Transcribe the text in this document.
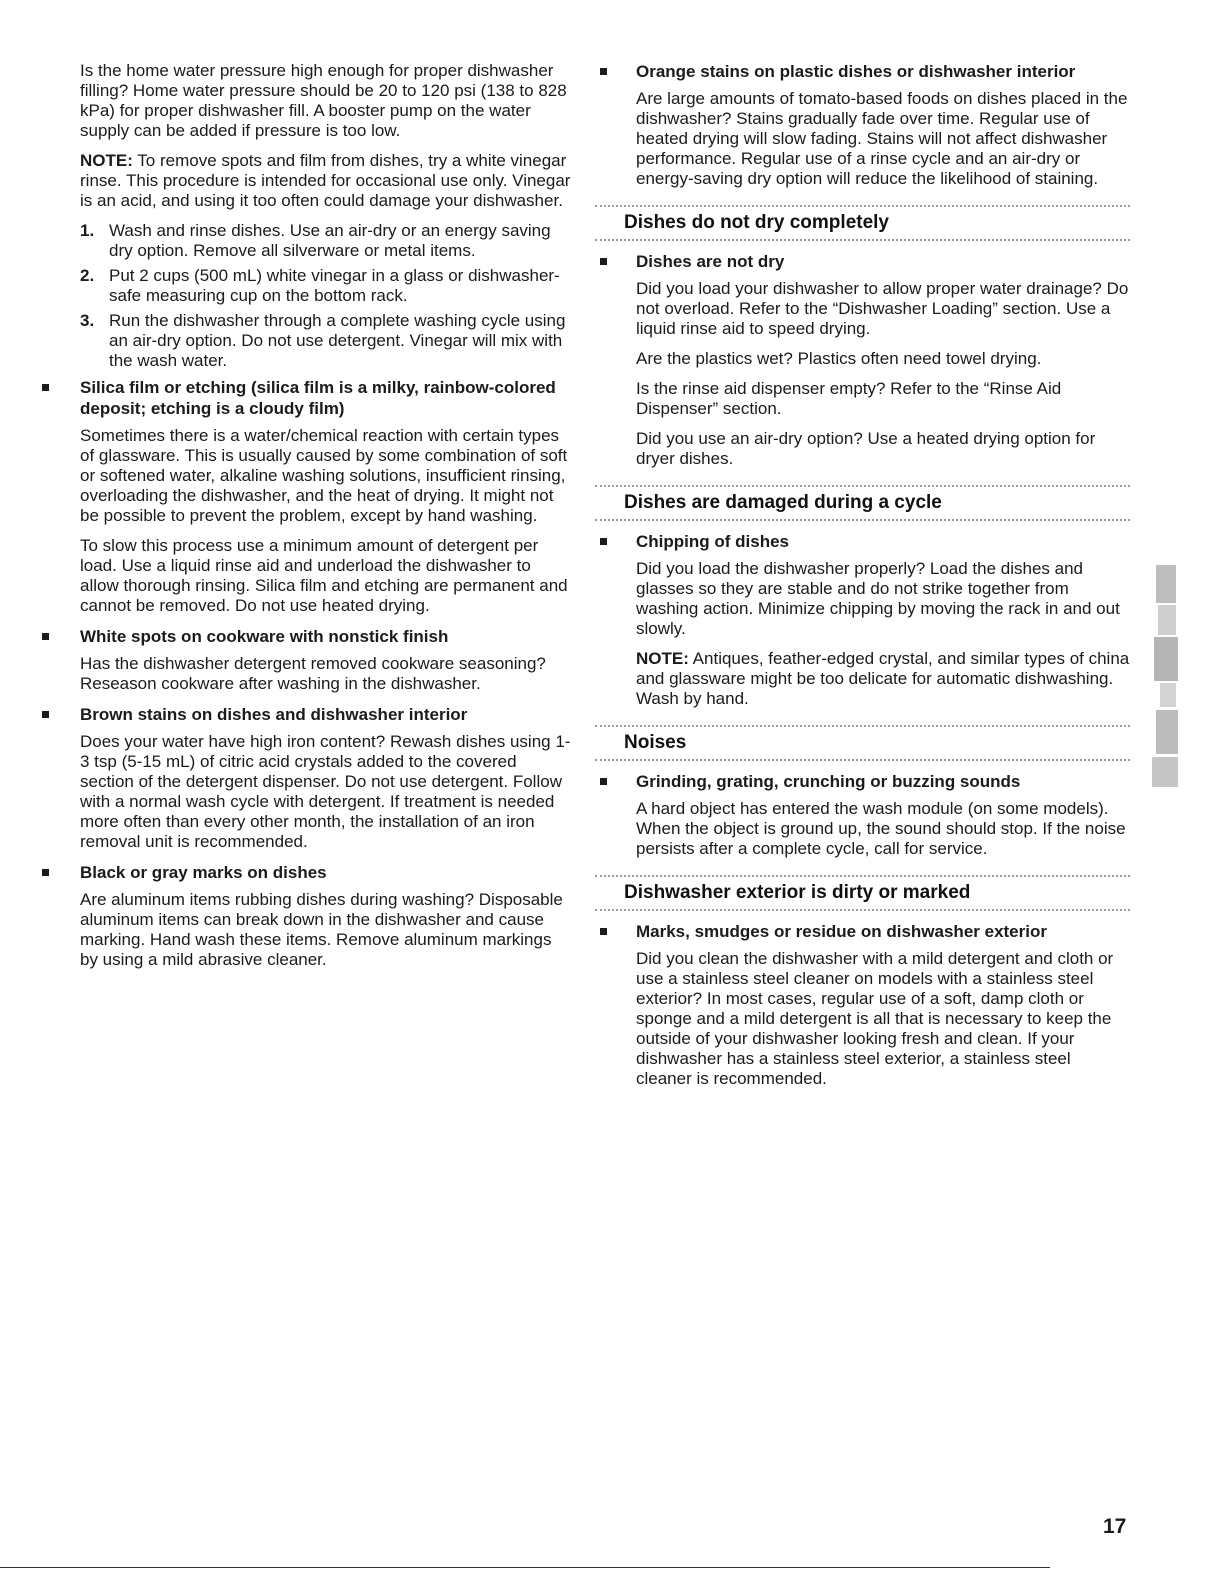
Is the home water pressure high enough for proper dishwasher filling? Home water pressure should be 20 to 120 psi (138 to 828 kPa) for proper dishwasher fill. A booster pump on the water supply can be added if pressure is too low.

NOTE: To remove spots and film from dishes, try a white vinegar rinse. This procedure is intended for occasional use only. Vinegar is an acid, and using it too often could damage your dishwasher.

1. Wash and rinse dishes. Use an air-dry or an energy saving dry option. Remove all silverware or metal items.
2. Put 2 cups (500 mL) white vinegar in a glass or dishwasher-safe measuring cup on the bottom rack.
3. Run the dishwasher through a complete washing cycle using an air-dry option. Do not use detergent. Vinegar will mix with the wash water.
Silica film or etching (silica film is a milky, rainbow-colored deposit; etching is a cloudy film)

Sometimes there is a water/chemical reaction with certain types of glassware. This is usually caused by some combination of soft or softened water, alkaline washing solutions, insufficient rinsing, overloading the dishwasher, and the heat of drying. It might not be possible to prevent the problem, except by hand washing.

To slow this process use a minimum amount of detergent per load. Use a liquid rinse aid and underload the dishwasher to allow thorough rinsing. Silica film and etching are permanent and cannot be removed. Do not use heated drying.

White spots on cookware with nonstick finish

Has the dishwasher detergent removed cookware seasoning? Reseason cookware after washing in the dishwasher.

Brown stains on dishes and dishwasher interior

Does your water have high iron content? Rewash dishes using 1-3 tsp (5-15 mL) of citric acid crystals added to the covered section of the detergent dispenser. Do not use detergent. Follow with a normal wash cycle with detergent. If treatment is needed more often than every other month, the installation of an iron removal unit is recommended.

Black or gray marks on dishes

Are aluminum items rubbing dishes during washing? Disposable aluminum items can break down in the dishwasher and cause marking. Hand wash these items. Remove aluminum markings by using a mild abrasive cleaner.

Orange stains on plastic dishes or dishwasher interior

Are large amounts of tomato-based foods on dishes placed in the dishwasher? Stains gradually fade over time. Regular use of heated drying will slow fading. Stains will not affect dishwasher performance. Regular use of a rinse cycle and an air-dry or energy-saving dry option will reduce the likelihood of staining.

Dishes do not dry completely
Dishes are not dry

Did you load your dishwasher to allow proper water drainage? Do not overload. Refer to the “Dishwasher Loading” section. Use a liquid rinse aid to speed drying.

Are the plastics wet? Plastics often need towel drying.

Is the rinse aid dispenser empty? Refer to the “Rinse Aid Dispenser” section.

Did you use an air-dry option? Use a heated drying option for dryer dishes.

Dishes are damaged during a cycle
Chipping of dishes

Did you load the dishwasher properly? Load the dishes and glasses so they are stable and do not strike together from washing action. Minimize chipping by moving the rack in and out slowly.

NOTE: Antiques, feather-edged crystal, and similar types of china and glassware might be too delicate for automatic dishwashing. Wash by hand.

Noises
Grinding, grating, crunching or buzzing sounds

A hard object has entered the wash module (on some models). When the object is ground up, the sound should stop. If the noise persists after a complete cycle, call for service.

Dishwasher exterior is dirty or marked
Marks, smudges or residue on dishwasher exterior

Did you clean the dishwasher with a mild detergent and cloth or use a stainless steel cleaner on models with a stainless steel exterior? In most cases, regular use of a soft, damp cloth or sponge and a mild detergent is all that is necessary to keep the outside of your dishwasher looking fresh and clean. If your dishwasher has a stainless steel exterior, a stainless steel cleaner is recommended.

17
